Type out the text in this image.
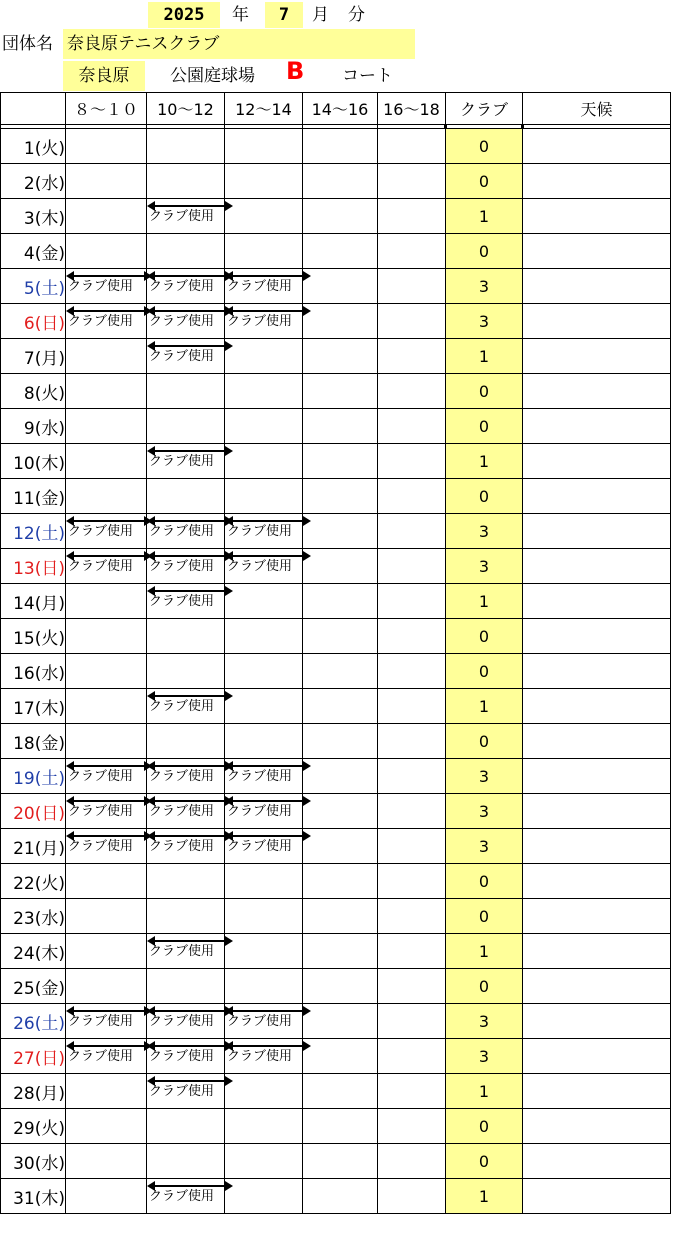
2025	年	7	月 分
団体名 奈良原テニスクラブ
奈良原	公園庭球場 B コート
	８～１０	10～12	12～14	14～16	16～18	クラブ	天候

1(火)						0	
2(水)						0	
3(木)		クラブ使用				1	
4(金)						0	
5(土)	クラブ使用	クラブ使用	クラブ使用			3	
6(日)	クラブ使用	クラブ使用	クラブ使用			3	
7(月)		クラブ使用				1	
8(火)						0	
9(水)						0	
10(木)		クラブ使用				1	
11(金)						0	
12(土)	クラブ使用	クラブ使用	クラブ使用			3	
13(日)	クラブ使用	クラブ使用	クラブ使用			3	
14(月)		クラブ使用				1	
15(火)						0	
16(水)						0	
17(木)		クラブ使用				1	
18(金)						0	
19(土)	クラブ使用	クラブ使用	クラブ使用			3	
20(日)	クラブ使用	クラブ使用	クラブ使用			3	
21(月)	クラブ使用	クラブ使用	クラブ使用			3	
22(火)						0	
23(水)						0	
24(木)		クラブ使用				1	
25(金)						0	
26(土)	クラブ使用	クラブ使用	クラブ使用			3	
27(日)	クラブ使用	クラブ使用	クラブ使用			3	
28(月)		クラブ使用				1	
29(火)						0	
30(水)						0	
31(木)		クラブ使用				1	
